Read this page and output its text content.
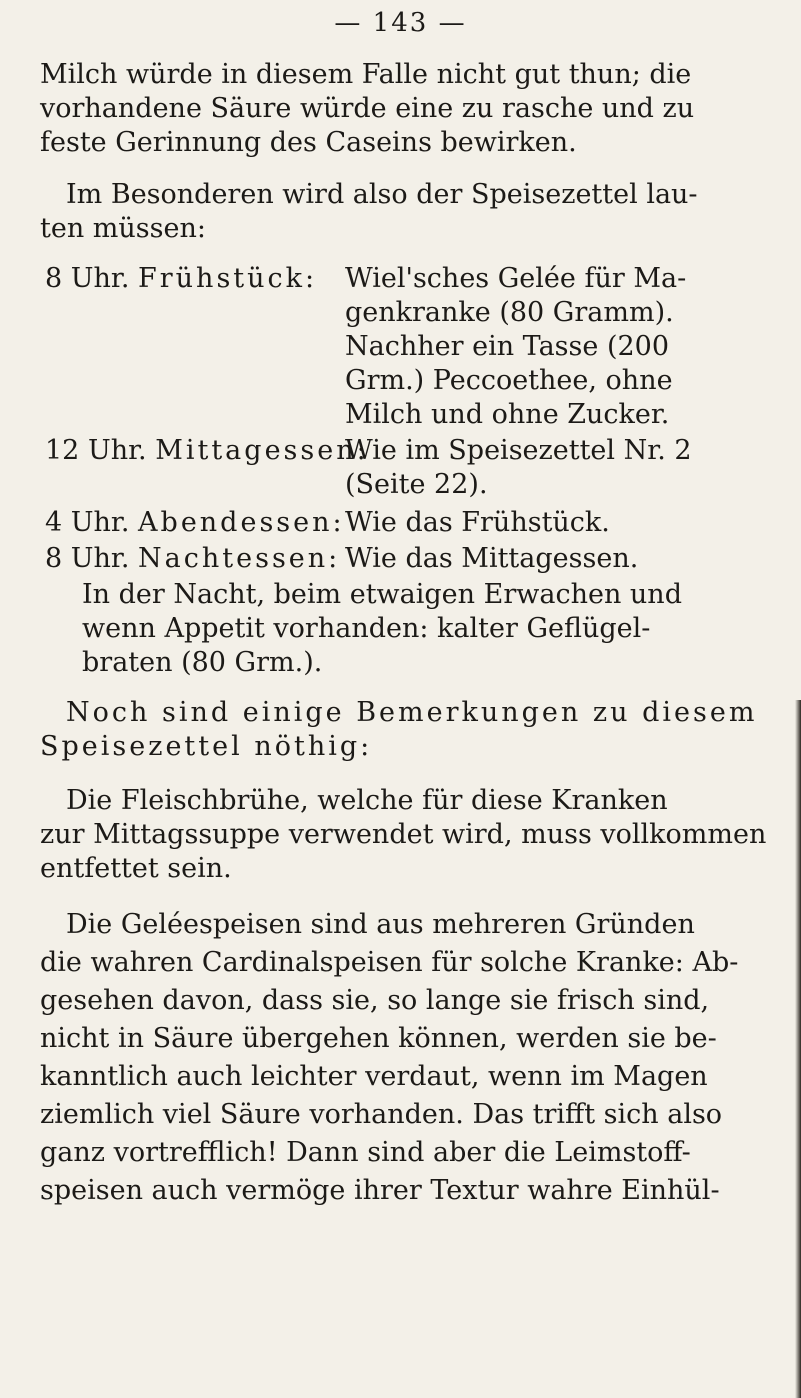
— 143 —
Milch würde in diesem Falle nicht gut thun; die
vorhandene Säure würde eine zu rasche und zu
feste Gerinnung des Caseins bewirken.
Im Besonderen wird also der Speisezettel lau-
ten müssen:
8 Uhr. Frühstück: Wiel'sches Gelée für Ma-
genkranke (80 Gramm).
Nachher ein Tasse (200
Grm.) Peccoethee, ohne
Milch und ohne Zucker.
12 Uhr. Mittagessen:
Wie im Speisezettel Nr. 2
(Seite 22).
4 Uhr. Abendessen: Wie das Frühstück.
8 Uhr. Nachtessen: Wie das Mittagessen.
In der Nacht, beim etwaigen Erwachen und
wenn Appetit vorhanden: kalter Geflügel-
braten (80 Grm.).
Noch sind einige Bemerkungen zu diesem
Speisezettel nöthig:
Die Fleischbrühe, welche für diese Kranken
zur Mittagssuppe verwendet wird, muss vollkommen
entfettet sein.
Die Geléespeisen sind aus mehreren Gründen
die wahren Cardinalspeisen für solche Kranke: Ab-
gesehen davon, dass sie, so lange sie frisch sind,
nicht in Säure übergehen können, werden sie be-
kanntlich auch leichter verdaut, wenn im Magen
ziemlich viel Säure vorhanden. Das trifft sich also
ganz vortrefflich! Dann sind aber die Leimstoff-
speisen auch vermöge ihrer Textur wahre Einhül-
